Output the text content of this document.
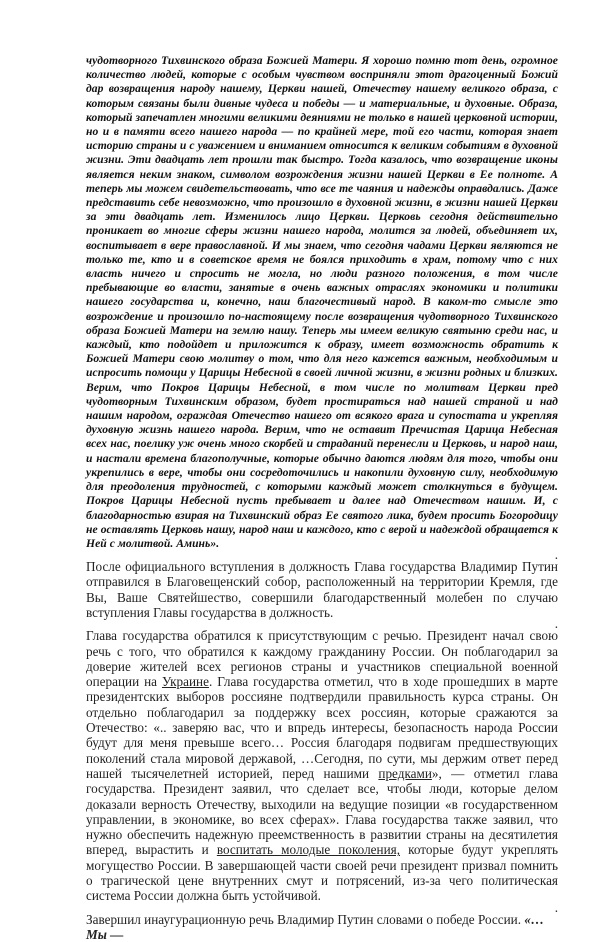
чудотворного Тихвинского образа Божией Матери. Я хорошо помню тот день, огромное количество людей, которые с особым чувством восприняли этот драгоценный Божий дар возвращения народу нашему, Церкви нашей, Отечеству нашему великого образа, с которым связаны были дивные чудеса и победы — и материальные, и духовные. Образа, который запечатлен многими великими деяниями не только в нашей церковной истории, но и в памяти всего нашего народа — по крайней мере, той его части, которая знает историю страны и с уважением и вниманием относится к великим событиям в духовной жизни. Эти двадцать лет прошли так быстро. Тогда казалось, что возвращение иконы является неким знаком, символом возрождения жизни нашей Церкви в Ее полноте. А теперь мы можем свидетельствовать, что все те чаяния и надежды оправдались. Даже представить себе невозможно, что произошло в духовной жизни, в жизни нашей Церкви за эти двадцать лет. Изменилось лицо Церкви. Церковь сегодня действительно проникает во многие сферы жизни нашего народа, молится за людей, объединяет их, воспитывает в вере православной. И мы знаем, что сегодня чадами Церкви являются не только те, кто и в советское время не боялся приходить в храм, потому что с них власть ничего и спросить не могла, но люди разного положения, в том числе пребывающие во власти, занятые в очень важных отраслях экономики и политики нашего государства и, конечно, наш благочестивый народ. В каком-то смысле это возрождение и произошло по-настоящему после возвращения чудотворного Тихвинского образа Божией Матери на землю нашу. Теперь мы имеем великую святыню среди нас, и каждый, кто подойдет и приложится к образу, имеет возможность обратить к Божией Матери свою молитву о том, что для него кажется важным, необходимым и испросить помощи у Царицы Небесной в своей личной жизни, в жизни родных и близких. Верим, что Покров Царицы Небесной, в том числе по молитвам Церкви пред чудотворным Тихвинским образом, будет простираться над нашей страной и над нашим народом, ограждая Отечество нашего от всякого врага и супостата и укрепляя духовную жизнь нашего народа. Верим, что не оставит Пречистая Царица Небесная всех нас, поелику уж очень много скорбей и страданий перенесли и Церковь, и народ наш, и настали времена благополучные, которые обычно даются людям для того, чтобы они укрепились в вере, чтобы они сосредоточились и накопили духовную силу, необходимую для преодоления трудностей, с которыми каждый может столкнуться в будущем. Покров Царицы Небесной пусть пребывает и далее над Отечеством нашим. И, с благодарностью взирая на Тихвинский образ Ее святого лика, будем просить Богородицу не оставлять Церковь нашу, народ наш и каждого, кто с верой и надеждой обращается к Ней с молитвой. Аминь».

.

После официального вступления в должность Глава государства Владимир Путин отправился в Благовещенский собор, расположенный на территории Кремля, где Вы, Ваше Святейшество, совершили благодарственный молебен по случаю вступления Главы государства в должность.

.

Глава государства обратился к присутствующим с речью. Президент начал свою речь с того, что обратился к каждому гражданину России. Он поблагодарил за доверие жителей всех регионов страны и участников специальной военной операции на Украине. Глава государства отметил, что в ходе прошедших в марте президентских выборов россияне подтвердили правильность курса страны. Он отдельно поблагодарил за поддержку всех россиян, которые сражаются за Отечество: «.. заверяю вас, что и впредь интересы, безопасность народа России будут для меня превыше всего… Россия благодаря подвигам предшествующих поколений стала мировой державой, …Сегодня, по сути, мы держим ответ перед нашей тысячелетней историей, перед нашими предками», — отметил глава государства. Президент заявил, что сделает все, чтобы люди, которые делом доказали верность Отечеству, выходили на ведущие позиции «в государственном управлении, в экономике, во всех сферах». Глава государства также заявил, что нужно обеспечить надежную преемственность в развитии страны на десятилетия вперед, вырастить и воспитать молодые поколения, которые будут укреплять могущество России. В завершающей части своей речи президент призвал помнить о трагической цене внутренних смут и потрясений, из-за чего политическая система России должна быть устойчивой.

.

Завершил инаугурационную речь Владимир Путин словами о победе России. «…Мы —
